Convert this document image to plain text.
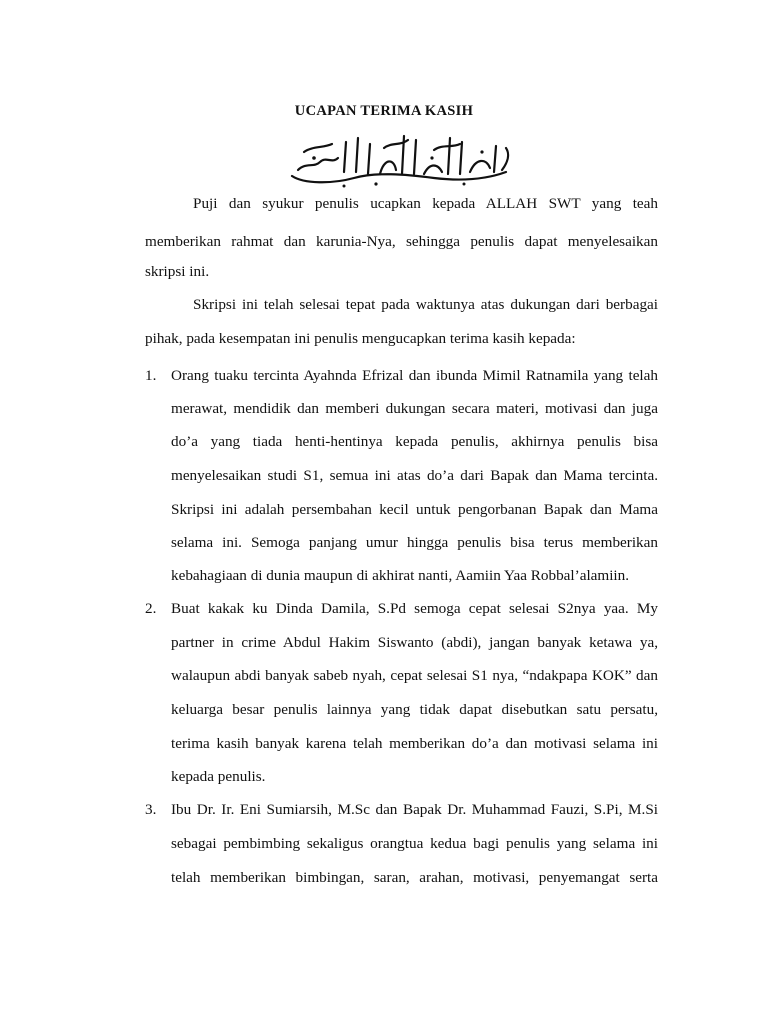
UCAPAN TERIMA KASIH
Puji dan syukur penulis ucapkan kepada ALLAH SWT yang teah
memberikan rahmat dan karunia-Nya, sehingga penulis dapat menyelesaikan
skripsi ini.
Skripsi ini telah selesai tepat pada waktunya atas dukungan dari berbagai
pihak, pada kesempatan ini penulis mengucapkan terima kasih kepada:
1. Orang tuaku tercinta Ayahnda Efrizal dan ibunda Mimil Ratnamila yang telah
merawat, mendidik dan memberi dukungan secara materi, motivasi dan juga
do’a yang tiada henti-hentinya kepada penulis, akhirnya penulis bisa
menyelesaikan studi S1, semua ini atas do’a dari Bapak dan Mama tercinta.
Skripsi ini adalah persembahan kecil untuk pengorbanan Bapak dan Mama
selama ini. Semoga panjang umur hingga penulis bisa terus memberikan
kebahagiaan di dunia maupun di akhirat nanti, Aamiin Yaa Robbal’alamiin.
2. Buat kakak ku Dinda Damila, S.Pd semoga cepat selesai S2nya yaa. My
partner in crime Abdul Hakim Siswanto (abdi), jangan banyak ketawa ya,
walaupun abdi banyak sabeb nyah, cepat selesai S1 nya, “ndakpapa KOK” dan
keluarga besar penulis lainnya yang tidak dapat disebutkan satu persatu,
terima kasih banyak karena telah memberikan do’a dan motivasi selama ini
kepada penulis.
3. Ibu Dr. Ir. Eni Sumiarsih, M.Sc dan Bapak Dr. Muhammad Fauzi, S.Pi, M.Si
sebagai pembimbing sekaligus orangtua kedua bagi penulis yang selama ini
telah memberikan bimbingan, saran, arahan, motivasi, penyemangat serta
